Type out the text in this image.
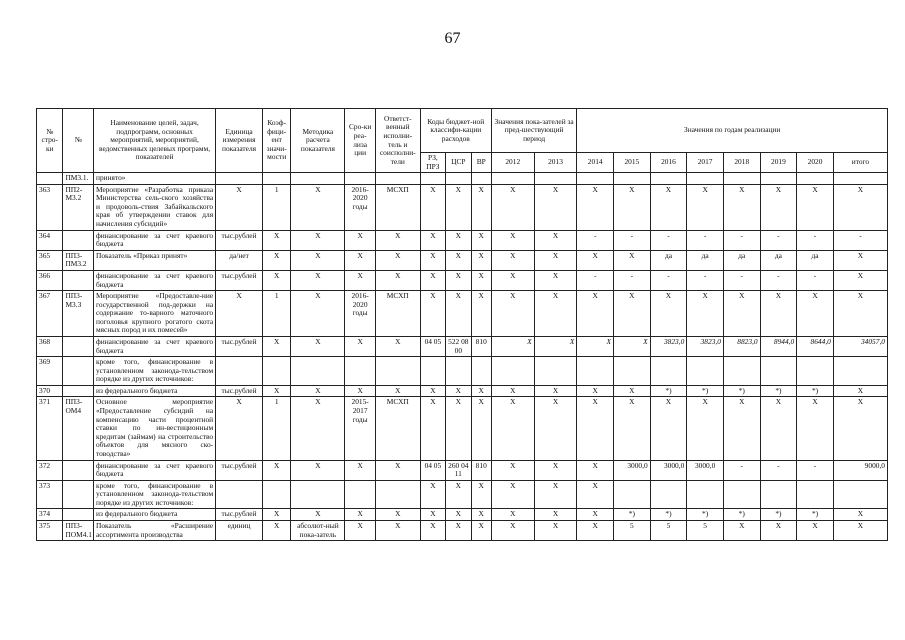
67
№ стро-ки	№	Наименование целей, задач, подпрограмм, основных мероприятий, мероприятий, ведомственных целевых программ, показателей	Единица измерения показателя	Коэф-фици-ент значи-мости	Методика расчета показателя	Сро-ки реа-лиза ции	Ответст-венный исполни-тель и соисполни-тели	Коды бюджет-ной классифи-кации расходов			Значения пока-зателей за пред-шествующий период		Значения по годам реализации							
								РЗ, ПРЗ	ЦСР	ВР	2012	2013	2014	2015	2016	2017	2018	2019	2020	итого
	ПМ3.1.	принято»																		
363	ПП2-М3.2	Мероприятие «Разработка приказа Министерства сель-ского хозяйства и продоволь-ствия Забайкальского края об утверждении ставок для начисления субсидий»	Х	1	Х	2016-2020 годы	МСХП	Х	Х	Х	Х	Х	Х	Х	Х	Х	Х	Х	Х	Х
364		финансирование за счет краевого бюджета	тыс.рублей	Х	Х	Х	Х	Х	Х	Х	Х	Х	-	-	-	-	-	-	-	-
365	ПП3-ПМ3.2	Показатель «Приказ принят»	да/нет	Х	Х	Х	Х	Х	Х	Х	Х	Х	Х	Х	да	да	да	да	да	Х
366		финансирование за счет краевого бюджета	тыс.рублей	Х	Х	Х	Х	Х	Х	Х	Х	Х	-	-	-	-	-	-	-	Х
367	ПП3-М3.3	Мероприятие «Предоставле-ние государственной под-держки на содержание то-варного маточного поголовья крупного рогатого скота мясных пород и их помесей»	Х	1	Х	2016-2020 годы	МСХП	Х	Х	Х	Х	Х	Х	Х	Х	Х	Х	Х	Х	Х
368		финансирование за счет краевого бюджета	тыс.рублей	Х	Х	Х	Х	04 05	522 08 00	810	Х	Х	Х	Х	3823,0	3823,0	8823,0	8944,0	8644,0	34057,0
369		кроме того, финансирование в установленном законода-тельством порядке из других источников:																		
370		из федерального бюджета	тыс.рублей	Х	Х	Х	Х	Х	Х	Х	Х	Х	Х	Х	*)	*)	*)	*)	*)	Х
371	ПП3-ОМ4	Основное мероприятие «Предоставление субсидий на компенсацию части процентной ставки по ин-вестиционным кредитам (займам) на строительство объектов для мясного ско-товодства»	Х	1	Х	2015-2017 годы	МСХП	Х	Х	Х	Х	Х	Х	Х	Х	Х	Х	Х	Х	Х
372		финансирование за счет краевого бюджета	тыс.рублей	Х	Х	Х	Х	04 05	260 04 11	810	Х	Х	Х	3000,0	3000,0	3000,0	-	-	-	9000,0
373		кроме того, финансирование в установленном законода-тельством порядке из других источников:						Х	Х	Х	Х	Х	Х							
374		из федерального бюджета	тыс.рублей	Х	Х	Х	Х	Х	Х	Х	Х	Х	Х	*)	*)	*)	*)	*)	*)	Х
375	ПП3-ПОМ4.1	Показатель «Расширение ассортимента производства	единиц	Х	абсолют-ный пока-затель	Х	Х	Х	Х	Х	Х	Х	Х	5	5	5	Х	Х	Х	Х
